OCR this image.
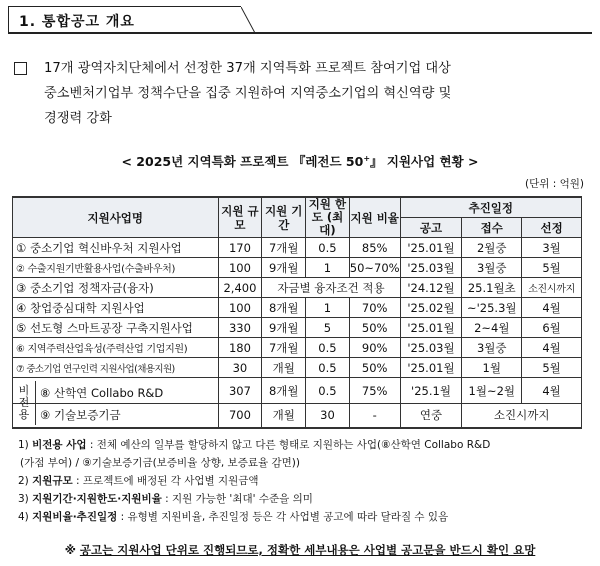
1. 통합공고 개요
17개 광역자치단체에서 선정한 37개 지역특화 프로젝트 참여기업 대상
중소벤처기업부 정책수단을 집중 지원하여 지역중소기업의 혁신역량 및
경쟁력 강화
< 2025년 지역특화 프로젝트 『레전드 50+』 지원사업 현황 >
(단위 : 억원)
지원사업명	지원 규모	지원 기간	지원 한도 (최대)	지원 비율	추진일정		
					공고	접수	선정
① 중소기업 혁신바우처 지원사업	170	7개월	0.5	85%	'25.01월	2월중	3월
② 수출지원기반활용사업(수출바우처)	100	9개월	1	50~70%	'25.03월	3월중	5월
③ 중소기업 정책자금(융자)	2,400	자금별 융자조건 적용			'24.12월	25.1월초	소진시까지
④ 창업중심대학 지원사업	100	8개월	1	70%	'25.02월	~'25.3월	4월
⑤ 선도형 스마트공장 구축지원사업	330	9개월	5	50%	'25.01월	2~4월	6월
⑥ 지역주력산업육성(주력산업 기업지원)	180	7개월	0.5	90%	'25.03월	3월중	4월
⑦ 중소기업 연구인력 지원사업(채용지원)	30	개월	0.5	50%	'25.01월	1월	5월

비 전 용
⑧ 산학연 Collabo R&D	307	8개월	0.5	75%	'25.1월	1월~2월	4월
⑨ 기술보증기금	700	개월	30	-	연중	소진시까지	
1) 비전용 사업 : 전체 예산의 일부를 할당하지 않고 다른 형태로 지원하는 사업(⑧산학연 Collabo R&D
(가점 부여) / ⑨기술보증기금(보증비율 상향, 보증료율 감면))
2) 지원규모 : 프로젝트에 배정된 각 사업별 지원금액
3) 지원기간·지원한도·지원비율 : 지원 가능한 '최대' 수준을 의미
4) 지원비율·추진일정 : 유형별 지원비율, 추진일정 등은 각 사업별 공고에 따라 달라질 수 있음
※ 공고는 지원사업 단위로 진행되므로, 정확한 세부내용은 사업별 공고문을 반드시 확인 요망
